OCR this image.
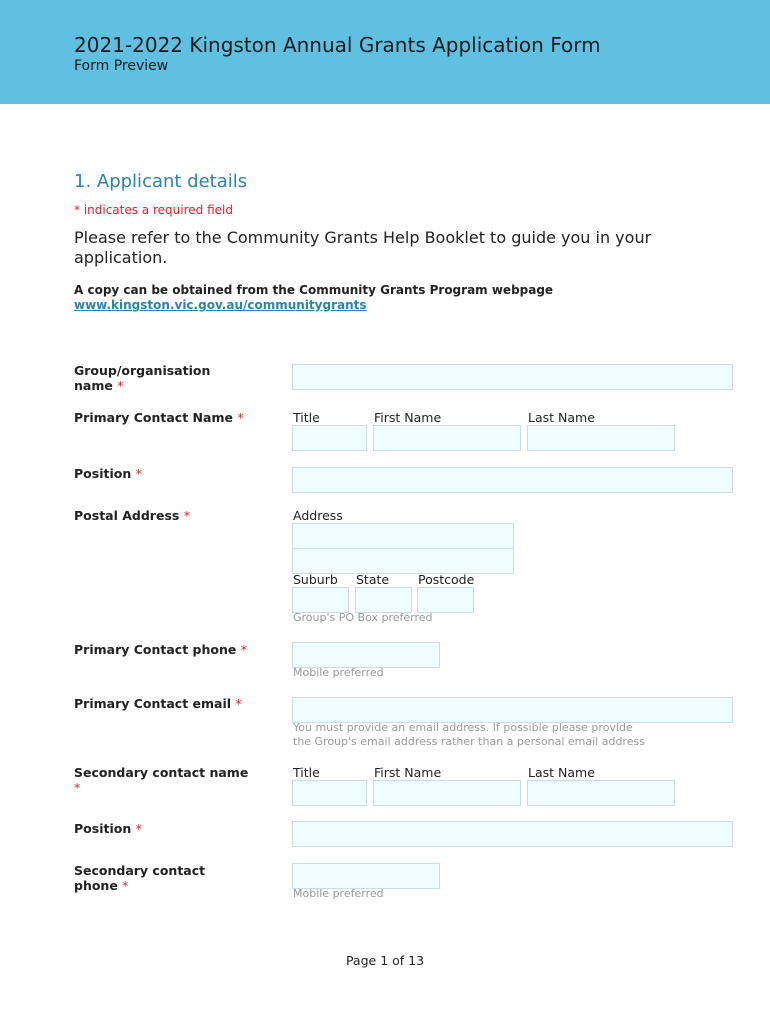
2021-2022 Kingston Annual Grants Application Form
Form Preview
1. Applicant details
* indicates a required field
Please refer to the Community Grants Help Booklet to guide you in your application.
A copy can be obtained from the Community Grants Program webpage
www.kingston.vic.gov.au/communitygrants
Group/organisation
name *
Primary Contact Name *	Title	First Name	Last Name
Position *
Postal Address *	Address
Suburb State Postcode
Group's PO Box preferred
Primary Contact phone *
Mobile preferred
Primary Contact email *
You must provide an email address. If possible please provide
the Group's email address rather than a personal email address
Secondary contact name
*
Title	First Name	Last Name
Position *
Secondary contact
phone *
Mobile preferred
Page 1 of 13
